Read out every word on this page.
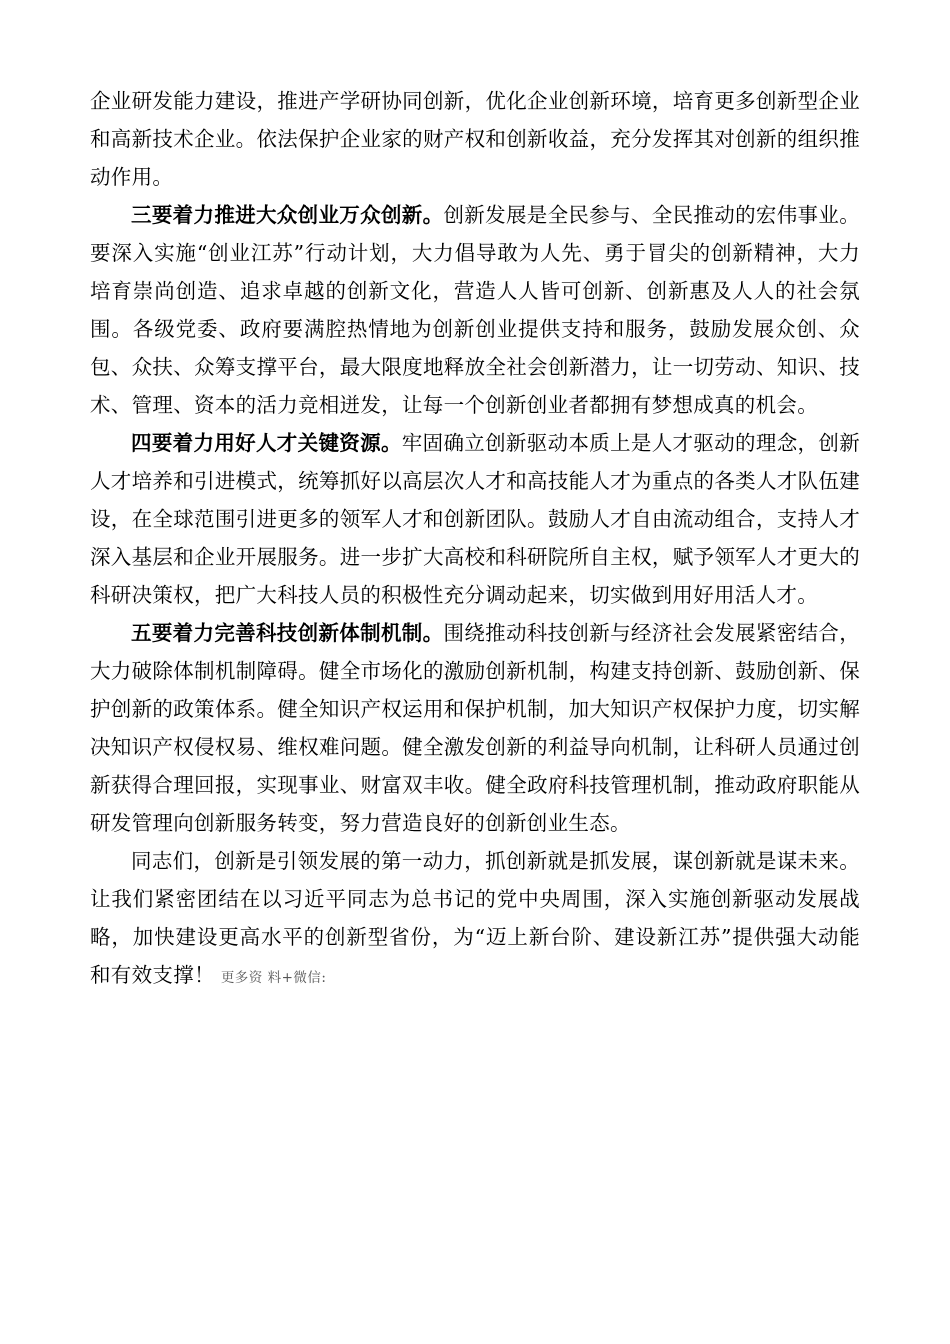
企业研发能力建设，推进产学研协同创新，优化企业创新环境，培育更多创新型企业和高新技术企业。依法保护企业家的财产权和创新收益，充分发挥其对创新的组织推动作用。

三要着力推进大众创业万众创新。创新发展是全民参与、全民推动的宏伟事业。要深入实施“创业江苏”行动计划，大力倡导敢为人先、勇于冒尖的创新精神，大力培育崇尚创造、追求卓越的创新文化，营造人人皆可创新、创新惠及人人的社会氛围。各级党委、政府要满腔热情地为创新创业提供支持和服务，鼓励发展众创、众包、众扶、众筹支撑平台，最大限度地释放全社会创新潜力，让一切劳动、知识、技术、管理、资本的活力竞相迸发，让每一个创新创业者都拥有梦想成真的机会。

四要着力用好人才关键资源。牢固确立创新驱动本质上是人才驱动的理念，创新人才培养和引进模式，统筹抓好以高层次人才和高技能人才为重点的各类人才队伍建设，在全球范围引进更多的领军人才和创新团队。鼓励人才自由流动组合，支持人才深入基层和企业开展服务。进一步扩大高校和科研院所自主权，赋予领军人才更大的科研决策权，把广大科技人员的积极性充分调动起来，切实做到用好用活人才。

五要着力完善科技创新体制机制。围绕推动科技创新与经济社会发展紧密结合，大力破除体制机制障碍。健全市场化的激励创新机制，构建支持创新、鼓励创新、保护创新的政策体系。健全知识产权运用和保护机制，加大知识产权保护力度，切实解决知识产权侵权易、维权难问题。健全激发创新的利益导向机制，让科研人员通过创新获得合理回报，实现事业、财富双丰收。健全政府科技管理机制，推动政府职能从研发管理向创新服务转变，努力营造良好的创新创业生态。

同志们，创新是引领发展的第一动力，抓创新就是抓发展，谋创新就是谋未来。让我们紧密团结在以习近平同志为总书记的党中央周围，深入实施创新驱动发展战略，加快建设更高水平的创新型省份，为“迈上新台阶、建设新江苏”提供强大动能和有效支撑！ 更多资 料+微信:
